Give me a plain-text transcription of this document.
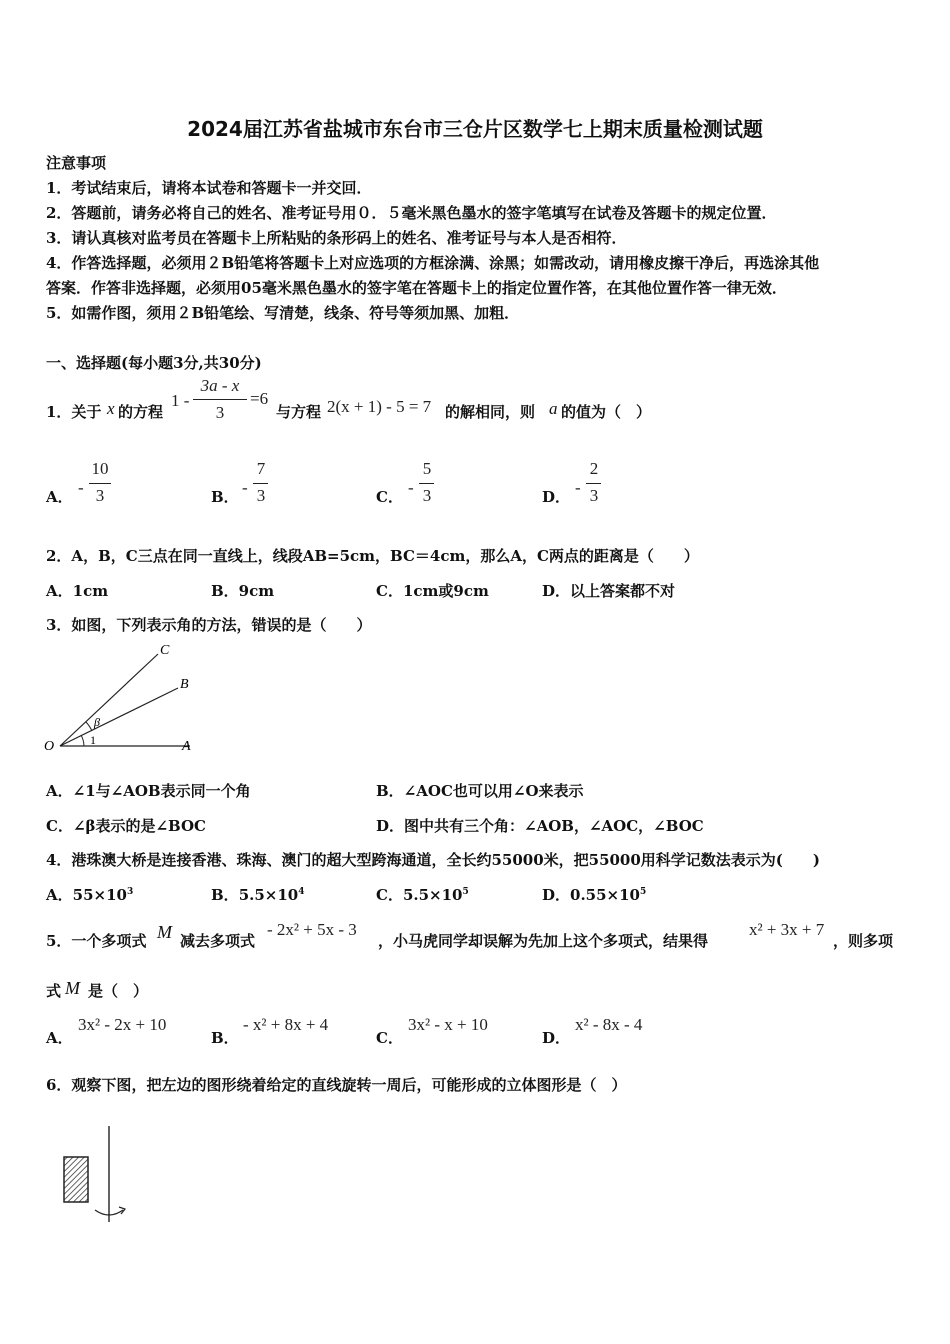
2024届江苏省盐城市东台市三仓片区数学七上期末质量检测试题
注意事项
1．考试结束后，请将本试卷和答题卡一并交回．
2．答题前，请务必将自己的姓名、准考证号用０．５毫米黑色墨水的签字笔填写在试卷及答题卡的规定位置．
3．请认真核对监考员在答题卡上所粘贴的条形码上的姓名、准考证号与本人是否相符．
4．作答选择题，必须用２B铅笔将答题卡上对应选项的方框涂满、涂黑；如需改动，请用橡皮擦干净后，再选涂其他
答案．作答非选择题，必须用05毫米黑色墨水的签字笔在答题卡上的指定位置作答，在其他位置作答一律无效．
5．如需作图，须用２B铅笔绘、写清楚，线条、符号等须加黑、加粗．
一、选择题(每小题3分,共30分)
1．关于 x 的方程
1 -
3a - x
3
=6
与方程 2(x + 1) - 5 = 7 的解相同，则 a 的值为（　）
A． -
10
3	B． -
7
3	C． -
5
3	D． -
2
3
2．A，B，C三点在同一直线上，线段AB=5cm，BC＝4cm，那么A，C两点的距离是（　　）
A．1cm	B．9cm	C．1cm或9cm	D．以上答案都不对
3．如图，下列表示角的方法，错误的是（　　）
C
B
O	A
β
1
A．∠1与∠AOB表示同一个角	B．∠AOC也可以用∠O来表示
C．∠β表示的是∠BOC	D．图中共有三个角：∠AOB，∠AOC，∠BOC
4．港珠澳大桥是连接香港、珠海、澳门的超大型跨海通道，全长约55000米，把55000用科学记数法表示为(　　)
A．$55\times 10^3$	B．$5.5\times 10^4$	C．$5.5\times 10^5$	D．$0.55\times 10^5$
5．一个多项式 M 减去多项式
- 2x² + 5x - 3
，小马虎同学却误解为先加上这个多项式，结果得
x² + 3x + 7
，则多项
式 M 是（　）
A．
3x² - 2x + 10
B．
- x² + 8x + 4
C．
3x² - x + 10
D．
x² - 8x - 4
6．观察下图，把左边的图形绕着给定的直线旋转一周后，可能形成的立体图形是（　）
